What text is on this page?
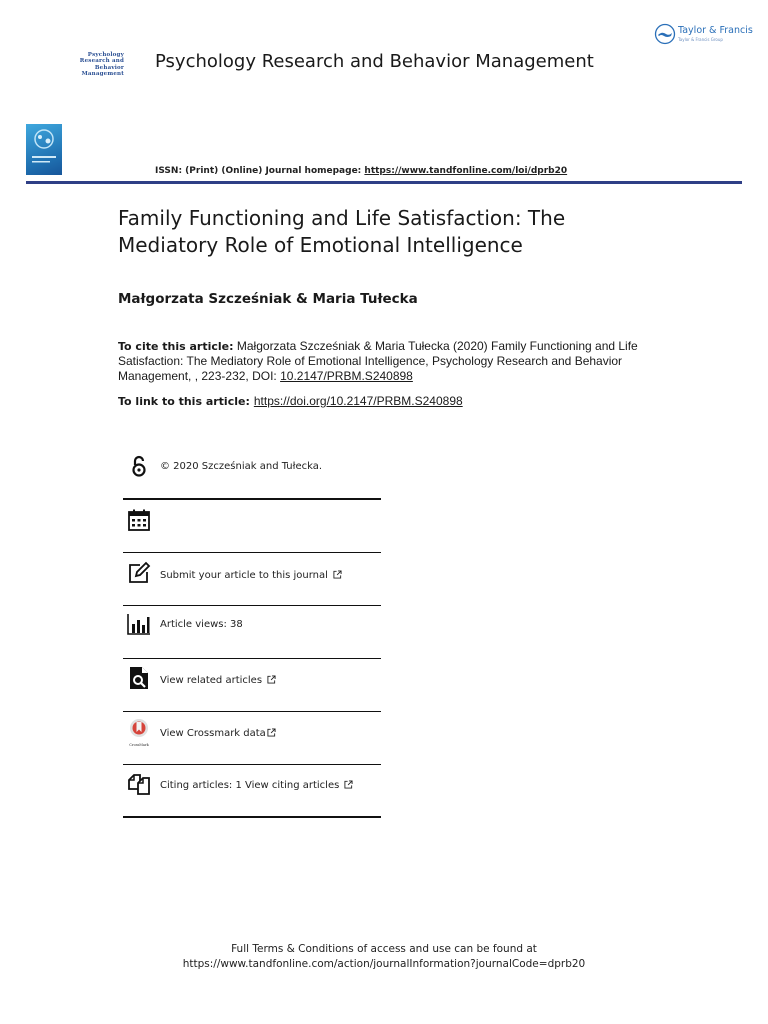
Psychology
Research and
Behavior
Management

Psychology Research and Behavior Management
Taylor & Francis
Taylor & Francis Group
ISSN: (Print) (Online) Journal homepage: https://www.tandfonline.com/loi/dprb20
Family Functioning and Life Satisfaction: The Mediatory Role of Emotional Intelligence
Małgorzata Szcześniak & Maria Tułecka
To cite this article: Małgorzata Szcześniak & Maria Tułecka (2020) Family Functioning and Life Satisfaction: The Mediatory Role of Emotional Intelligence, Psychology Research and Behavior Management, , 223-232, DOI: 10.2147/PRBM.S240898
To link to this article: https://doi.org/10.2147/PRBM.S240898
© 2020 Szcześniak and Tułecka.
Submit your article to this journal
Article views: 38
View related articles
CrossMark
View Crossmark data
Citing articles: 1 View citing articles
Full Terms & Conditions of access and use can be found at
https://www.tandfonline.com/action/journalInformation?journalCode=dprb20
